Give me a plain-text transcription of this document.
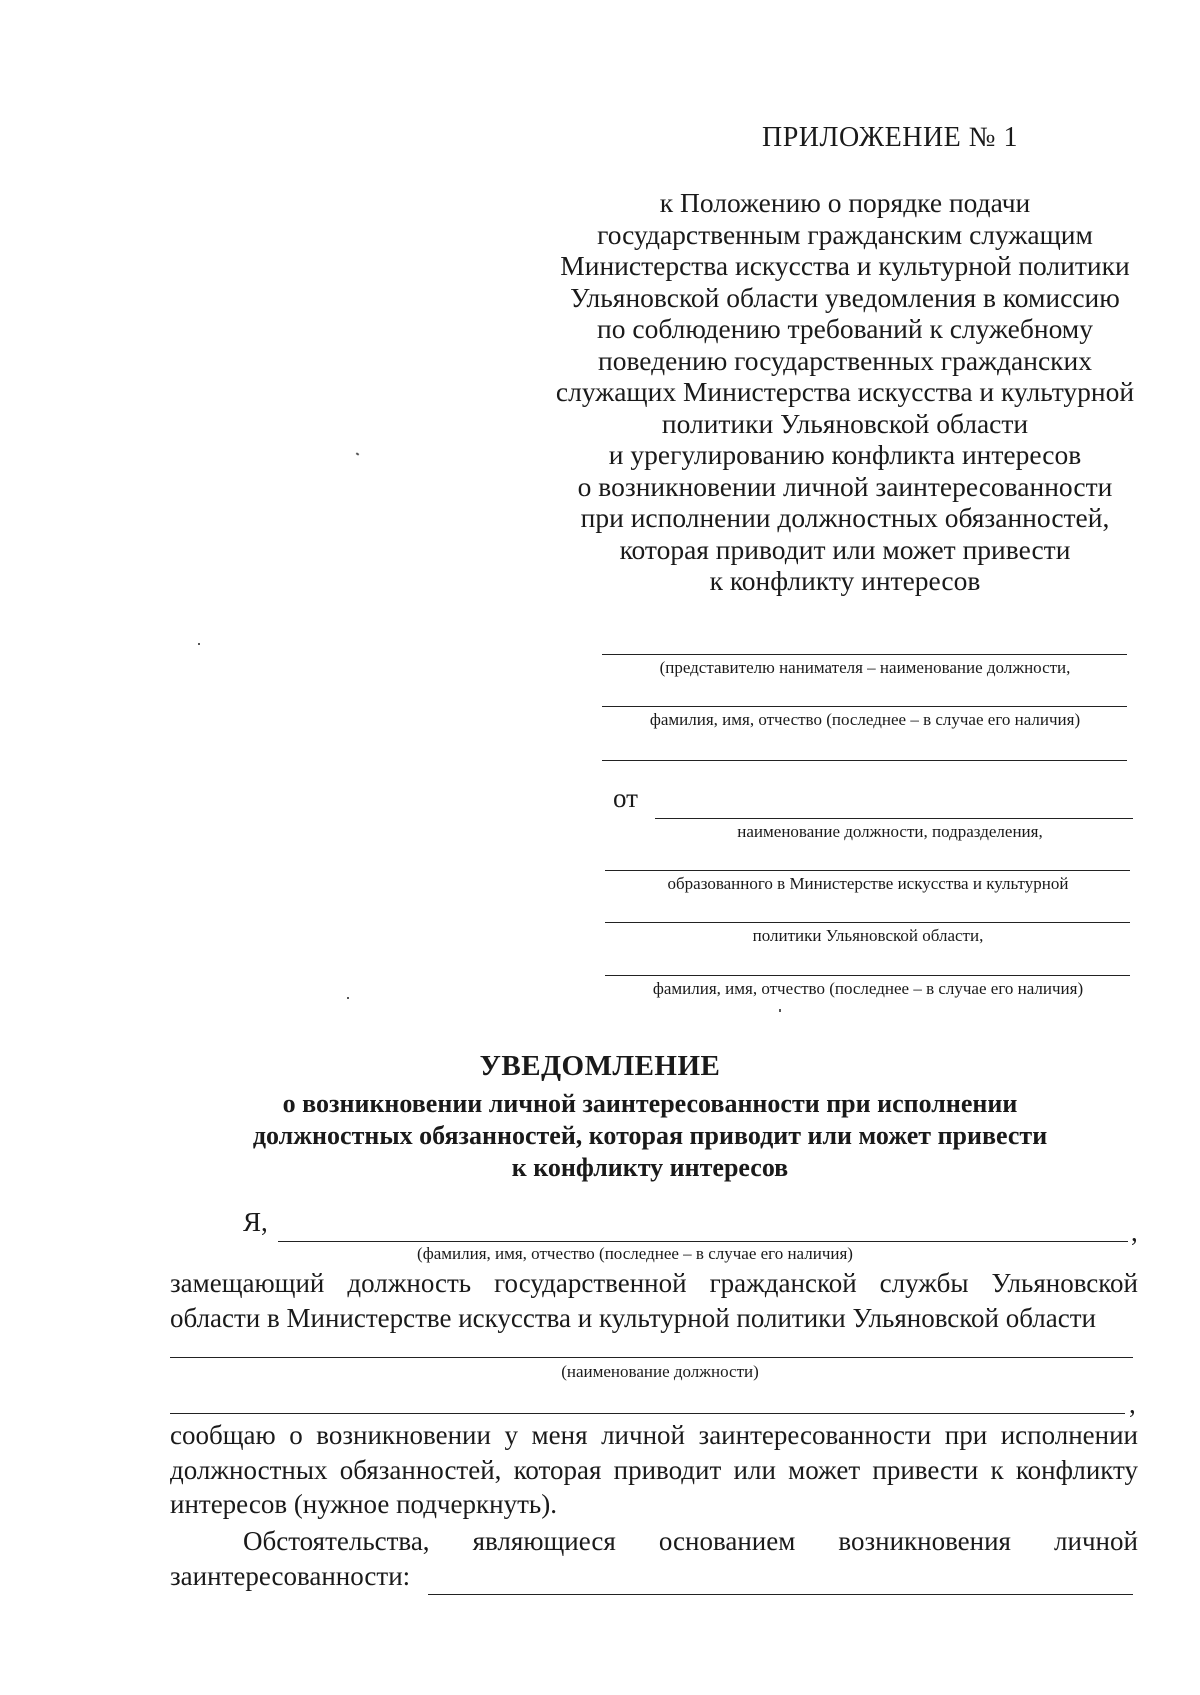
ПРИЛОЖЕНИЕ № 1
к Положению о порядке подачи
государственным гражданским служащим
Министерства искусства и культурной политики
Ульяновской области уведомления в комиссию
по соблюдению требований к служебному
поведению государственных гражданских
служащих Министерства искусства и культурной
политики Ульяновской области
и урегулированию конфликта интересов
о возникновении личной заинтересованности
при исполнении должностных обязанностей,
которая приводит или может привести
к конфликту интересов
(представителю нанимателя – наименование должности,
фамилия, имя, отчество (последнее – в случае его наличия)
от
наименование должности, подразделения,
образованного в Министерстве искусства и культурной
политики Ульяновской области,
фамилия, имя, отчество (последнее – в случае его наличия)
УВЕДОМЛЕНИЕ
о возникновении личной заинтересованности при исполнении
должностных обязанностей, которая приводит или может привести
к конфликту интересов
Я,	,
(фамилия, имя, отчество (последнее – в случае его наличия)
замещающий должность государственной гражданской службы Ульяновской
области в Министерстве искусства и культурной политики Ульяновской области
(наименование должности)
,
сообщаю о возникновении у меня личной заинтересованности при исполнении
должностных обязанностей, которая приводит или может привести к конфликту
интересов (нужное подчеркнуть).
Обстоятельства, являющиеся основанием возникновения личной
заинтересованности:
